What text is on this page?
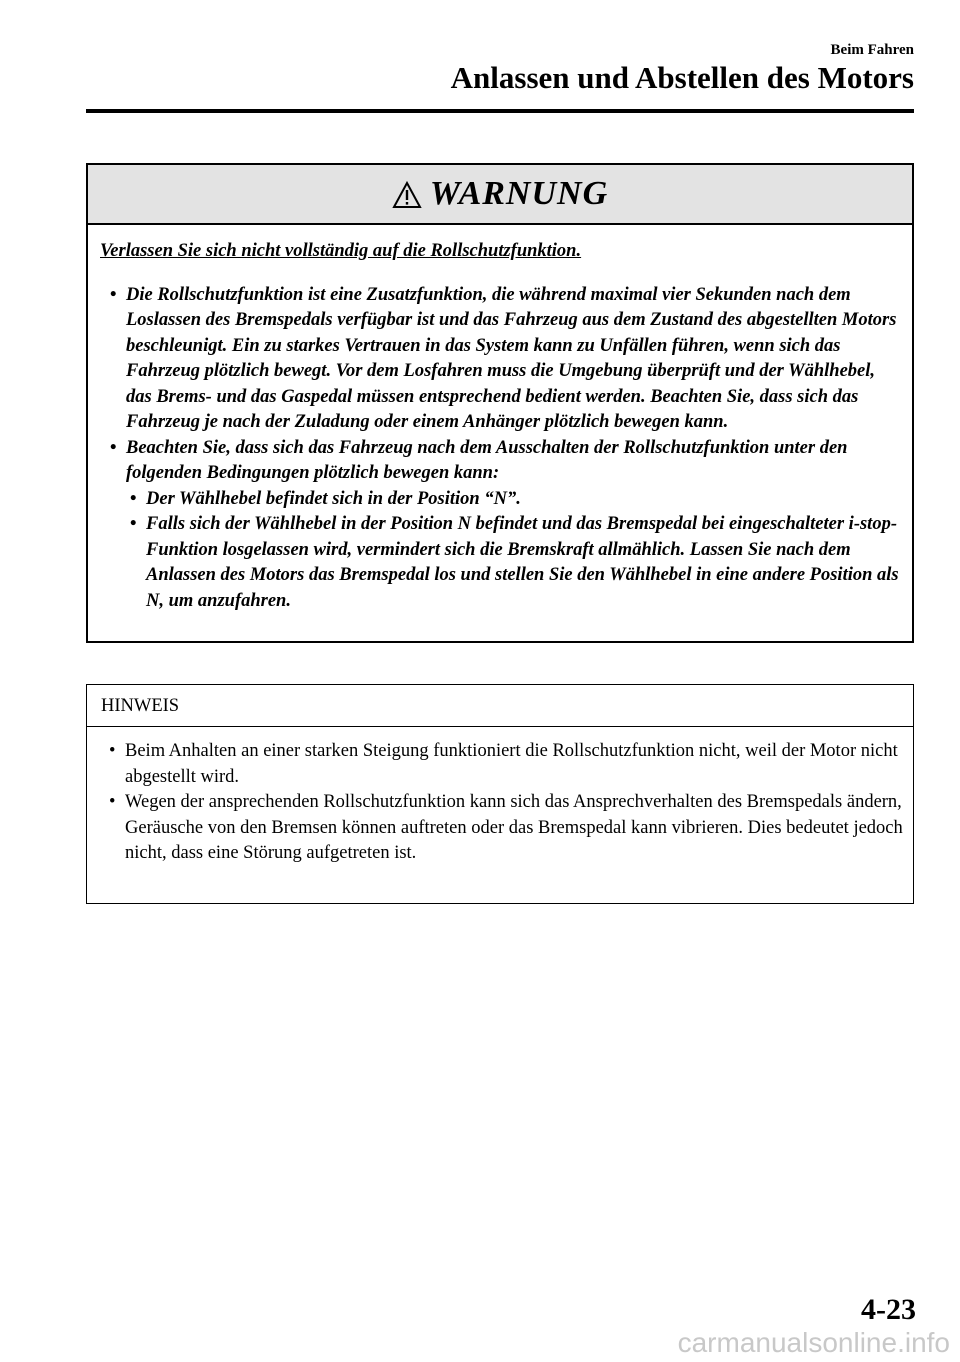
Beim Fahren
Anlassen und Abstellen des Motors
WARNUNG
Verlassen Sie sich nicht vollständig auf die Rollschutzfunktion.
• Die Rollschutzfunktion ist eine Zusatzfunktion, die während maximal vier Sekunden nach dem Loslassen des Bremspedals verfügbar ist und das Fahrzeug aus dem Zustand des abgestellten Motors beschleunigt. Ein zu starkes Vertrauen in das System kann zu Unfällen führen, wenn sich das Fahrzeug plötzlich bewegt. Vor dem Losfahren muss die Umgebung überprüft und der Wählhebel, das Brems- und das Gaspedal müssen entsprechend bedient werden. Beachten Sie, dass sich das Fahrzeug je nach der Zuladung oder einem Anhänger plötzlich bewegen kann.
• Beachten Sie, dass sich das Fahrzeug nach dem Ausschalten der Rollschutzfunktion unter den folgenden Bedingungen plötzlich bewegen kann:
• Der Wählhebel befindet sich in der Position “N”.
• Falls sich der Wählhebel in der Position N befindet und das Bremspedal bei eingeschalteter i-stop-Funktion losgelassen wird, vermindert sich die Bremskraft allmählich. Lassen Sie nach dem Anlassen des Motors das Bremspedal los und stellen Sie den Wählhebel in eine andere Position als N, um anzufahren.
HINWEIS
• Beim Anhalten an einer starken Steigung funktioniert die Rollschutzfunktion nicht, weil der Motor nicht abgestellt wird.
• Wegen der ansprechenden Rollschutzfunktion kann sich das Ansprechverhalten des Bremspedals ändern, Geräusche von den Bremsen können auftreten oder das Bremspedal kann vibrieren. Dies bedeutet jedoch nicht, dass eine Störung aufgetreten ist.
4-23
carmanualsonline.info
